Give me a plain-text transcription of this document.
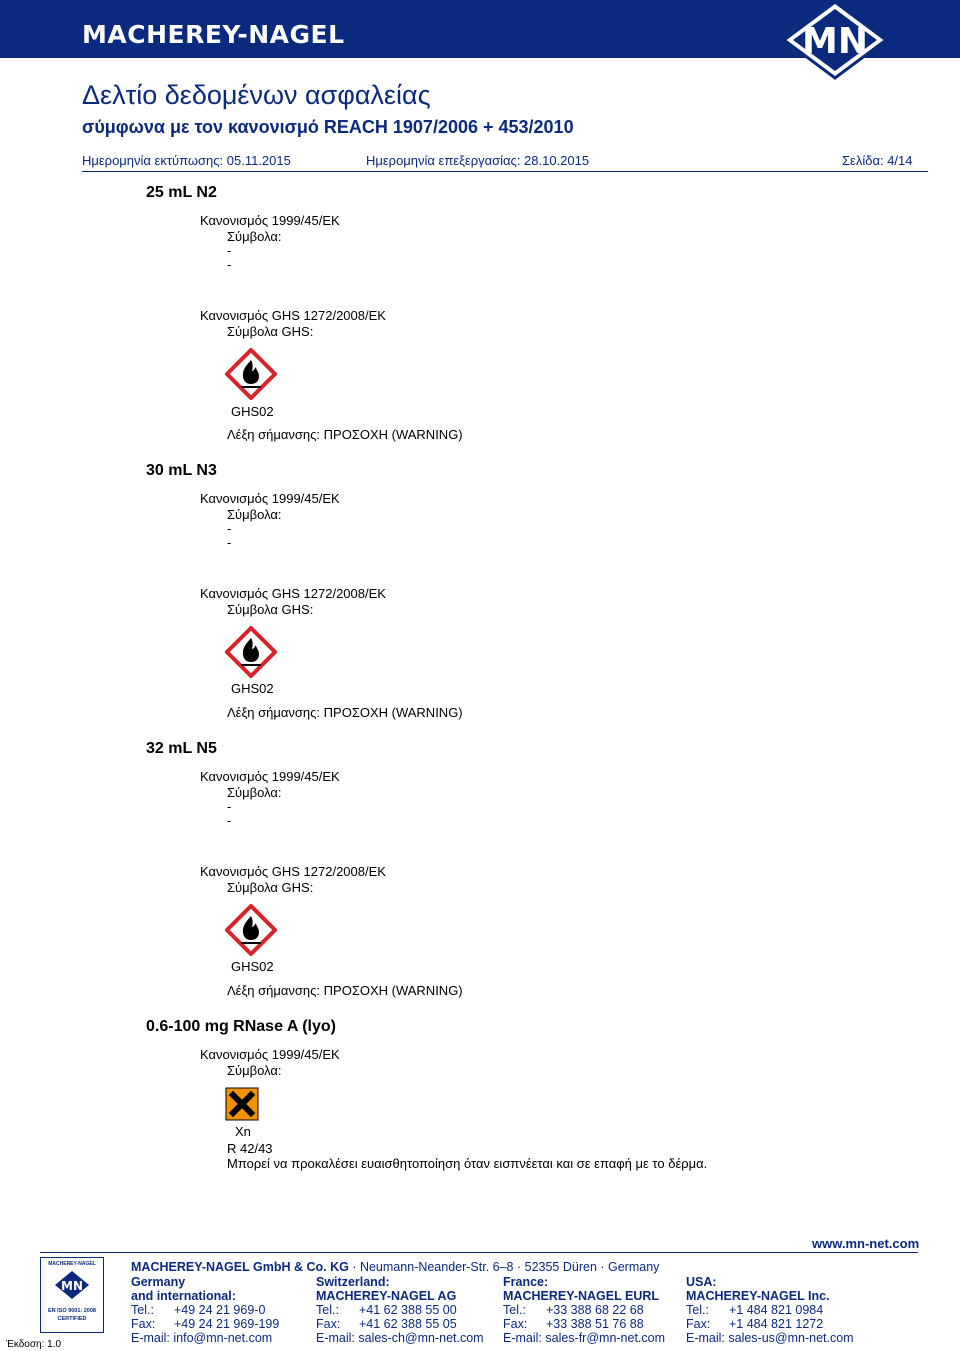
MACHEREY-NAGEL	MN
Δελτίο δεδομένων ασφαλείας
σύμφωνα με τον κανονισμό REACH 1907/2006 + 453/2010
Ημερομηνία εκτύπωσης: 05.11.2015	Ημερομηνία επεξεργασίας: 28.10.2015	Σελίδα: 4/14
25 mL N2
Κανονισμός 1999/45/ΕΚ
Σύμβολα:
-
-
Κανονισμός GHS 1272/2008/ΕΚ
Σύμβολα GHS:
GHS02
Λέξη σήμανσης: ΠΡΟΣΟΧΗ (WARNING)
30 mL N3
Κανονισμός 1999/45/ΕΚ
Σύμβολα:
-
-
Κανονισμός GHS 1272/2008/ΕΚ
Σύμβολα GHS:
GHS02
Λέξη σήμανσης: ΠΡΟΣΟΧΗ (WARNING)
32 mL N5
Κανονισμός 1999/45/ΕΚ
Σύμβολα:
-
-
Κανονισμός GHS 1272/2008/ΕΚ
Σύμβολα GHS:
GHS02
Λέξη σήμανσης: ΠΡΟΣΟΧΗ (WARNING)
0.6-100 mg RNase A (lyo)
Κανονισμός 1999/45/ΕΚ
Σύμβολα:
Xn
R 42/43
Μπορεί να προκαλέσει ευαισθητοποίηση όταν εισπνέεται και σε επαφή με το δέρμα.
www.mn-net.com
MACHEREY-NAGEL
MN
EN ISO 9001: 2008
CERTIFIED
Έκδοση: 1.0
MACHEREY-NAGEL GmbH & Co. KG · Neumann-Neander-Str. 6–8 · 52355 Düren · Germany
Germany
and international:
Tel.: +49 24 21 969-0
Fax: +49 24 21 969-199
E-mail: info@mn-net.com
Switzerland:
MACHEREY-NAGEL AG
Tel.: +41 62 388 55 00
Fax: +41 62 388 55 05
E-mail: sales-ch@mn-net.com
France:
MACHEREY-NAGEL EURL
Tel.: +33 388 68 22 68
Fax: +33 388 51 76 88
E-mail: sales-fr@mn-net.com
USA:
MACHEREY-NAGEL Inc.
Tel.: +1 484 821 0984
Fax: +1 484 821 1272
E-mail: sales-us@mn-net.com
